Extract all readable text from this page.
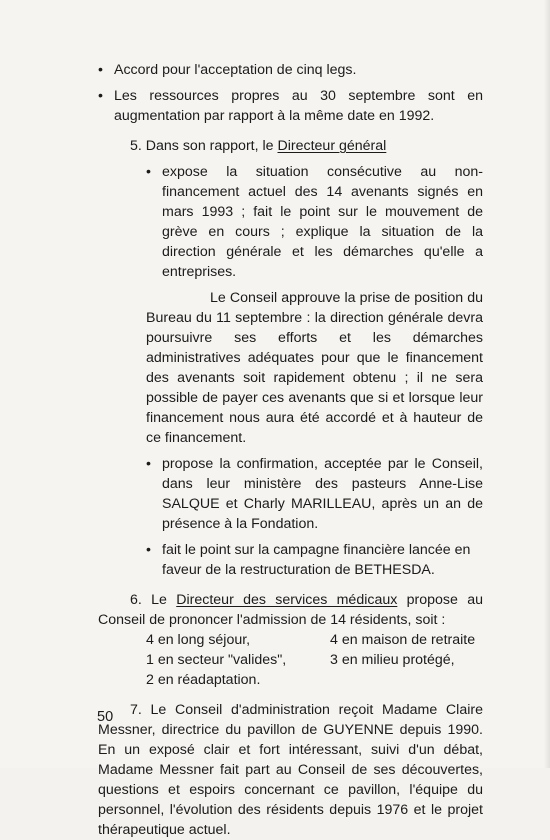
• Accord pour l'acceptation de cinq legs.

• Les ressources propres au 30 septembre sont en augmentation par rapport à la même date en 1992.

5. Dans son rapport, le Directeur général

• expose la situation consécutive au non-financement actuel des 14 avenants signés en mars 1993 ; fait le point sur le mouvement de grève en cours ; explique la situation de la direction générale et les démarches qu'elle a entreprises.

Le Conseil approuve la prise de position du Bureau du 11 septembre : la direction générale devra poursuivre ses efforts et les démarches administratives adéquates pour que le financement des avenants soit rapidement obtenu ; il ne sera possible de payer ces avenants que si et lorsque leur financement nous aura été accordé et à hauteur de ce financement.

• propose la confirmation, acceptée par le Conseil, dans leur ministère des pasteurs Anne-Lise SALQUE et Charly MARILLEAU, après un an de présence à la Fondation.

• fait le point sur la campagne financière lancée en faveur de la restructuration de BETHESDA.

6. Le Directeur des services médicaux propose au Conseil de prononcer l'admission de 14 résidents, soit :

4 en long séjour,	4 en maison de retraite
1 en secteur "valides",	3 en milieu protégé,
2 en réadaptation.

7. Le Conseil d'administration reçoit Madame Claire Messner, directrice du pavillon de GUYENNE depuis 1990. En un exposé clair et fort intéressant, suivi d'un débat, Madame Messner fait part au Conseil de ses découvertes, questions et espoirs concernant ce pavillon, l'équipe du personnel, l'évolution des résidents depuis 1976 et le projet thérapeutique actuel.

50
